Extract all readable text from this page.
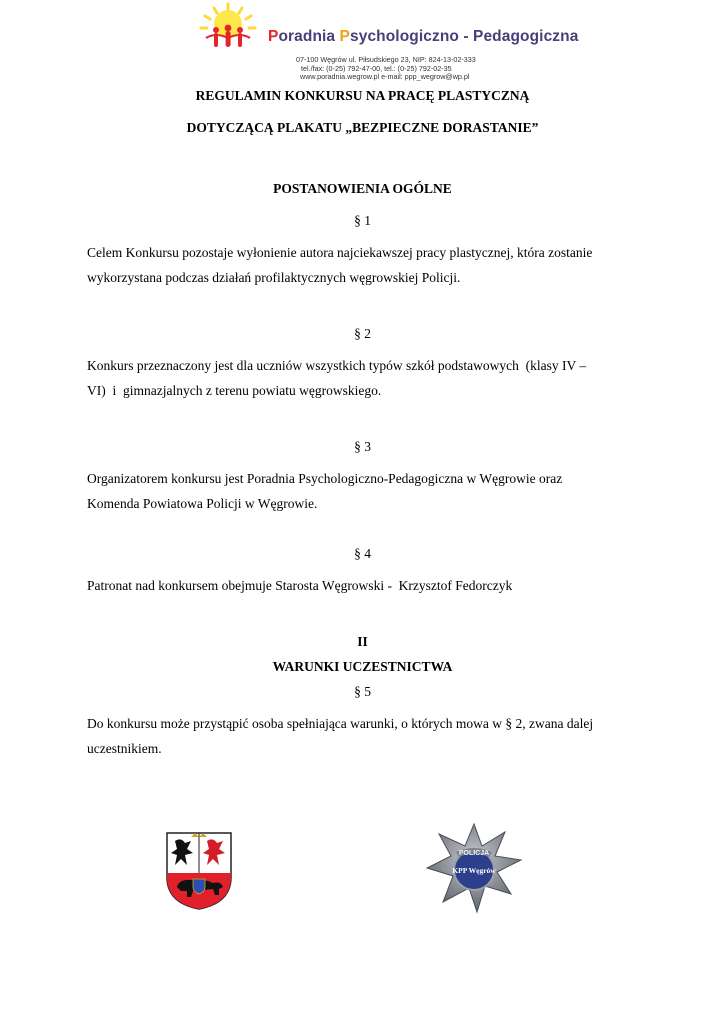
Poradnia Psychologiczno - Pedagogiczna
07-100 Węgrów ul. Piłsudskiego 23, NIP: 824-13-02-333
tel./fax: (0-25) 792-47-00, tel.: (0-25) 792-02-35
www.poradnia.wegrow.pl e-mail: ppp_wegrow@wp.pl
REGULAMIN KONKURSU NA PRACĘ PLASTYCZNĄ
DOTYCZĄCĄ PLAKATU „BEZPIECZNE DORASTANIE”
POSTANOWIENIA OGÓLNE
§ 1
Celem Konkursu pozostaje wyłonienie autora najciekawszej pracy plastycznej, która zostanie
wykorzystana podczas działań profilaktycznych węgrowskiej Policji.
§ 2
Konkurs przeznaczony jest dla uczniów wszystkich typów szkół podstawowych  (klasy IV –
VI)  i  gimnazjalnych z terenu powiatu węgrowskiego.
§ 3
Organizatorem konkursu jest Poradnia Psychologiczno-Pedagogiczna w Węgrowie oraz
Komenda Powiatowa Policji w Węgrowie.
§ 4
Patronat nad konkursem obejmuje Starosta Węgrowski -  Krzysztof Fedorczyk
II
WARUNKI UCZESTNICTWA
§ 5
Do konkursu może przystąpić osoba spełniająca warunki, o których mowa w § 2, zwana dalej
uczestnikiem.
POLICJA
KPP Węgrów
